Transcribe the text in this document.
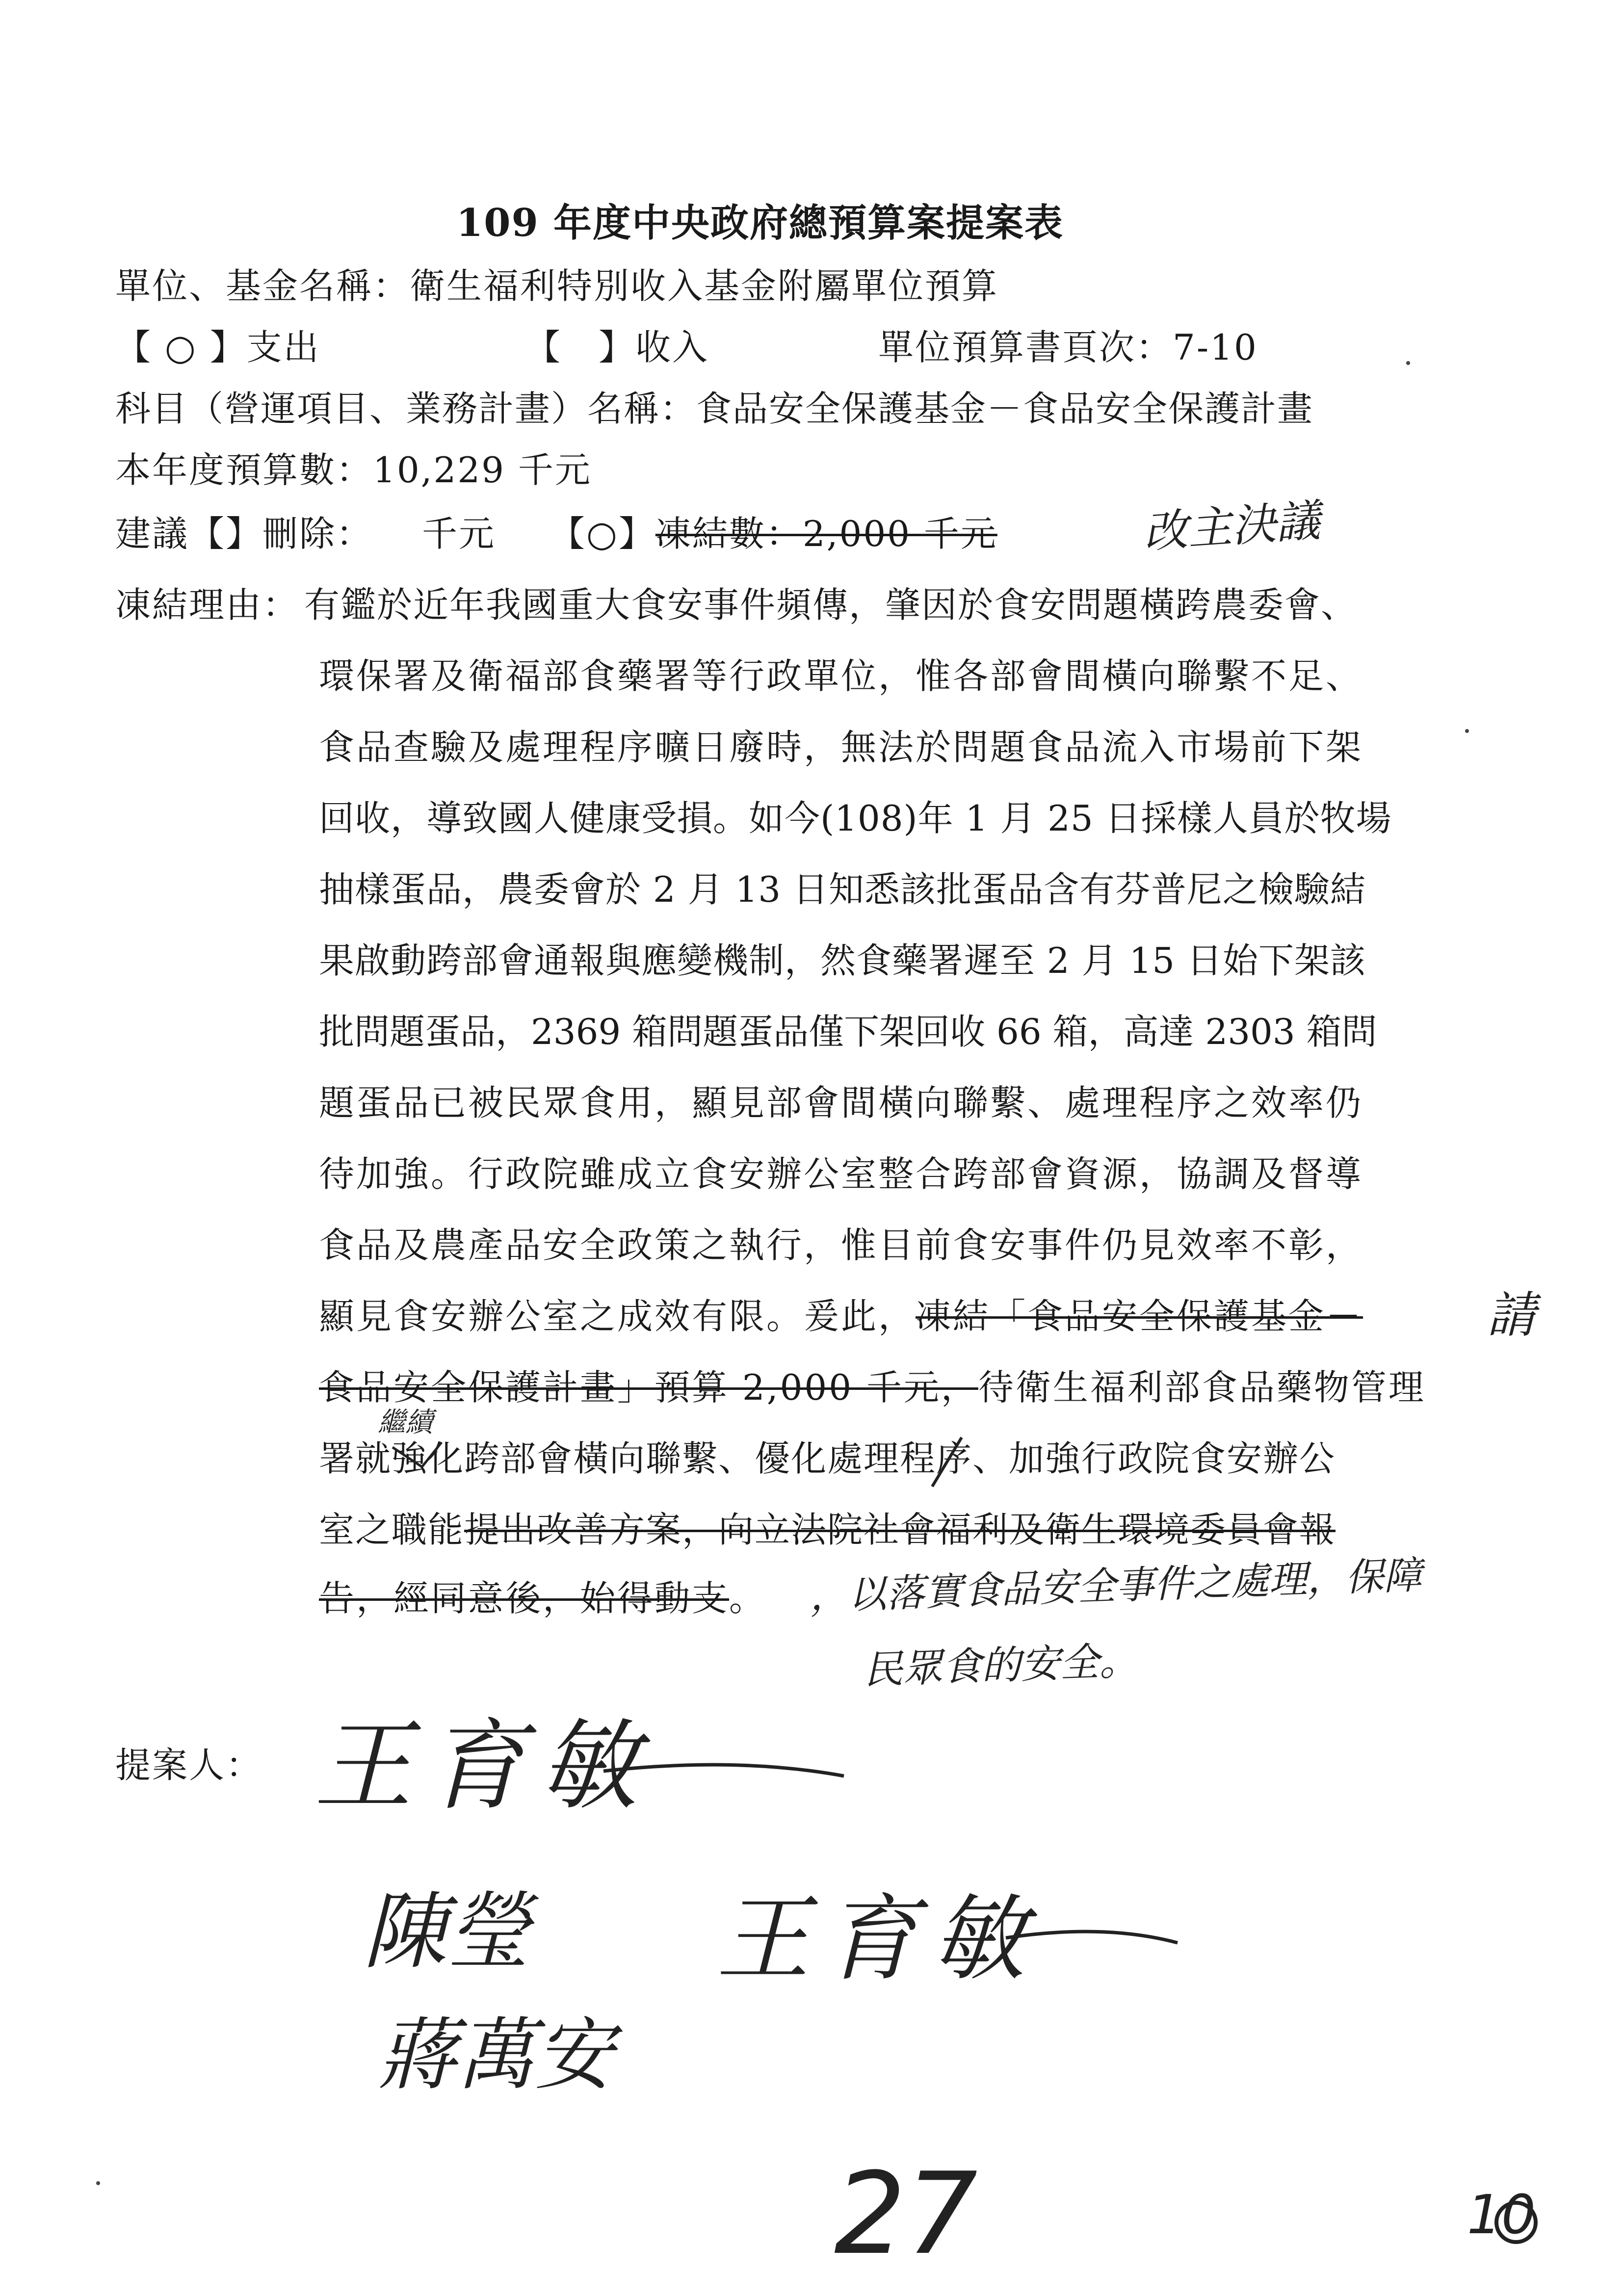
109 年度中央政府總預算案提案表
單位、基金名稱：衛生福利特別收入基金附屬單位預算
【 ○ 】支出	【　】收入	單位預算書頁次：7-10
科目（營運項目、業務計畫）名稱：食品安全保護基金－食品安全保護計畫
本年度預算數：10,229 千元
建議【】刪除： 千元 【○】凍結數：2,000 千元	改主決議
凍結理由： 有鑑於近年我國重大食安事件頻傳，肇因於食安問題橫跨農委會、
環保署及衛福部食藥署等行政單位，惟各部會間橫向聯繫不足、
食品查驗及處理程序曠日廢時，無法於問題食品流入市場前下架
回收，導致國人健康受損。如今(108)年 1 月 25 日採樣人員於牧場
抽樣蛋品，農委會於 2 月 13 日知悉該批蛋品含有芬普尼之檢驗結
果啟動跨部會通報與應變機制，然食藥署遲至 2 月 15 日始下架該
批問題蛋品，2369 箱問題蛋品僅下架回收 66 箱，高達 2303 箱問
題蛋品已被民眾食用，顯見部會間橫向聯繫、處理程序之效率仍
待加強。行政院雖成立食安辦公室整合跨部會資源，協調及督導
食品及農產品安全政策之執行，惟目前食安事件仍見效率不彰，
顯見食安辦公室之成效有限。爰此，凍結「食品安全保護基金－	請
食品安全保護計畫」預算 2,000 千元，待衛生福利部食品藥物管理
繼續
署就強化跨部會橫向聯繫、優化處理程序、加強行政院食安辦公
室之職能提出改善方案，向立法院社會福利及衛生環境委員會報
告，經同意後，始得動支。 ，以落實食品安全事件之處理，保障
民眾食的安全。
提案人： 王育敏
陳瑩
蔣萬安
王育敏
27	10
